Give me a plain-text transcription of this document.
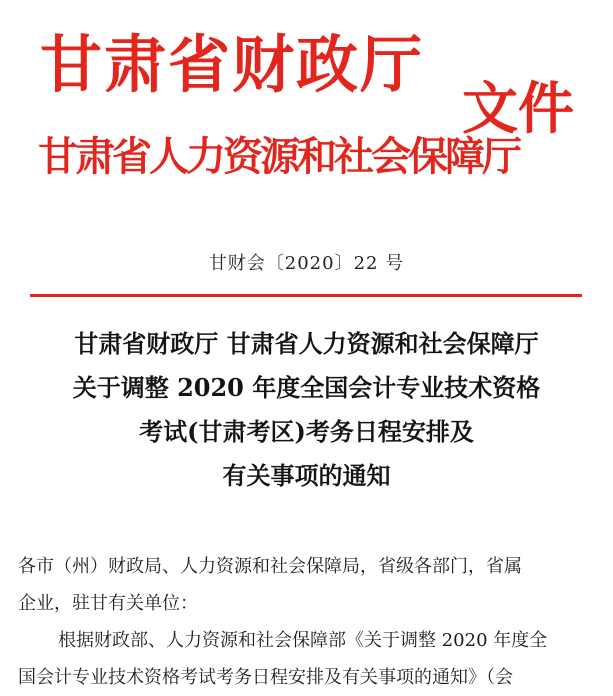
甘肃省财政厅
甘肃省人力资源和社会保障厅
文件
甘财会〔2020〕22 号
甘肃省财政厅 甘肃省人力资源和社会保障厅
关于调整 2020 年度全国会计专业技术资格
考试(甘肃考区)考务日程安排及
有关事项的通知
各市（州）财政局、人力资源和社会保障局，省级各部门，省属
企业，驻甘有关单位：
根据财政部、人力资源和社会保障部《关于调整 2020 年度全
国会计专业技术资格考试考务日程安排及有关事项的通知》（会
